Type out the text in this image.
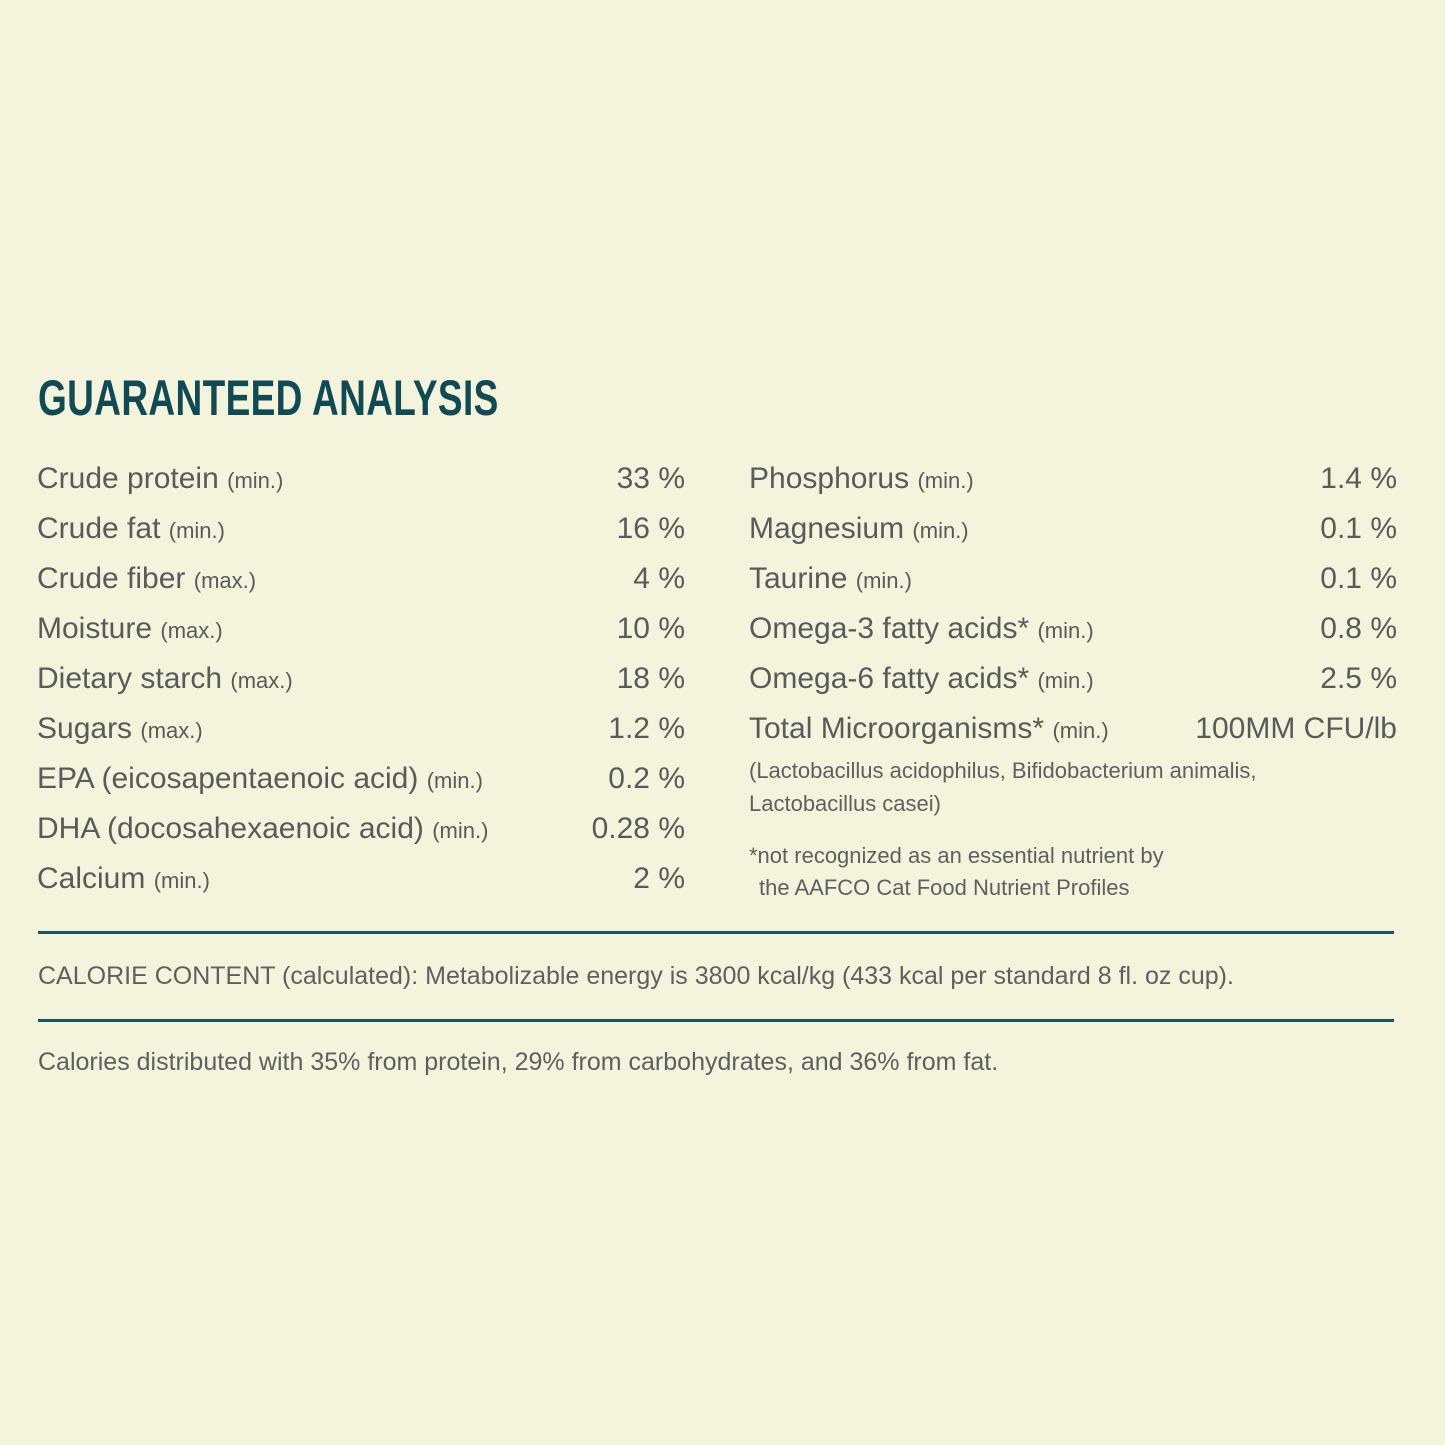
GUARANTEED ANALYSIS
Crude protein (min.)	33 %
Crude fat (min.)	16 %
Crude fiber (max.)	4 %
Moisture (max.)	10 %
Dietary starch (max.)	18 %
Sugars (max.)	1.2 %
EPA (eicosapentaenoic acid) (min.)	0.2 %
DHA (docosahexaenoic acid) (min.)	0.28 %
Calcium (min.)	2 %
Phosphorus (min.)	1.4 %
Magnesium (min.)	0.1 %
Taurine (min.)	0.1 %
Omega-3 fatty acids* (min.)	0.8 %
Omega-6 fatty acids* (min.)	2.5 %
Total Microorganisms* (min.)	100MM CFU/lb
(Lactobacillus acidophilus, Bifidobacterium animalis,
Lactobacillus casei)
*not recognized as an essential nutrient by
the AAFCO Cat Food Nutrient Profiles
CALORIE CONTENT (calculated): Metabolizable energy is 3800 kcal/kg (433 kcal per standard 8 fl. oz cup).
Calories distributed with 35% from protein, 29% from carbohydrates, and 36% from fat.
